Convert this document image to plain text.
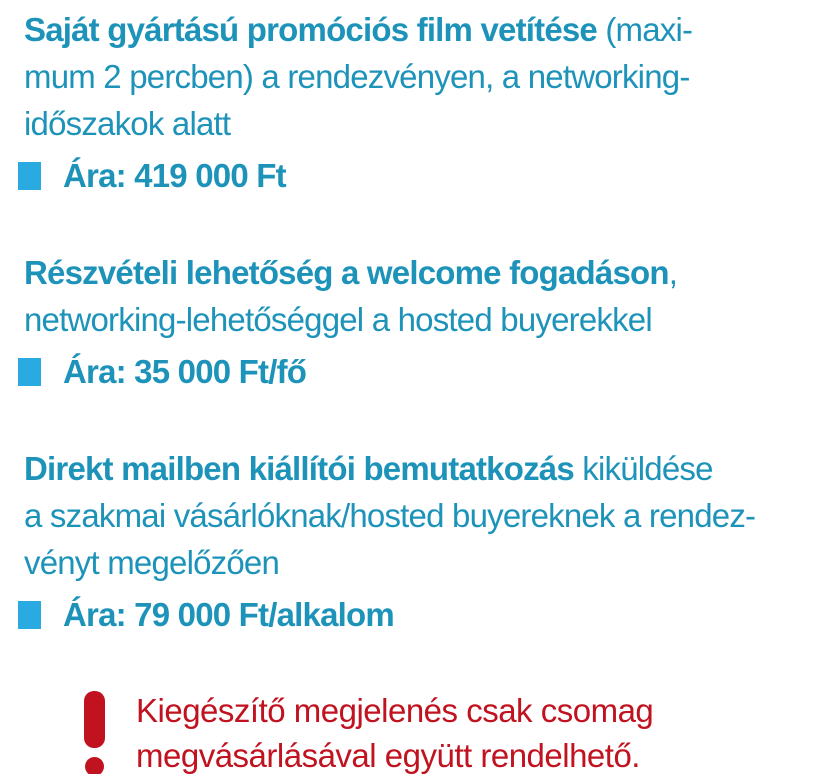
Saját gyártású promóciós film vetítése (maxi-
mum 2 percben) a rendezvényen, a networking-
időszakok alatt

Ára: 419 000 Ft

Részvételi lehetőség a welcome fogadáson,
networking-lehetőséggel a hosted buyerekkel

Ára: 35 000 Ft/fő

Direkt mailben kiállítói bemutatkozás kiküldése
a szakmai vásárlóknak/hosted buyereknek a rendez-
vényt megelőzően

Ára: 79 000 Ft/alkalom

Kiegészítő megjelenés csak csomag
megvásárlásával együtt rendelhető.
